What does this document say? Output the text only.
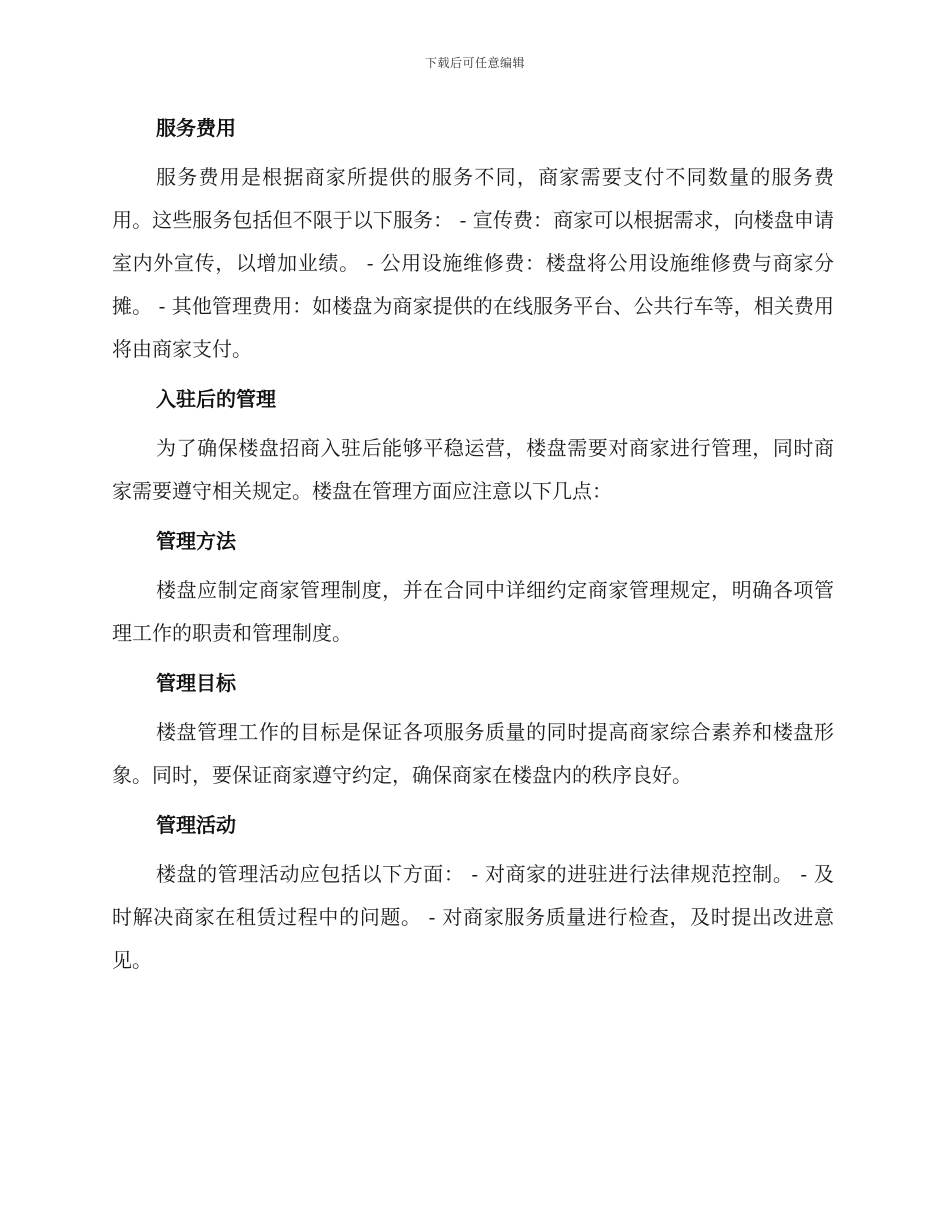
下载后可任意编辑
服务费用

服务费用是根据商家所提供的服务不同，商家需要支付不同数量的服务费用。这些服务包括但不限于以下服务： - 宣传费：商家可以根据需求，向楼盘申请室内外宣传，以增加业绩。 - 公用设施维修费：楼盘将公用设施维修费与商家分摊。 - 其他管理费用：如楼盘为商家提供的在线服务平台、公共行车等，相关费用将由商家支付。

入驻后的管理

为了确保楼盘招商入驻后能够平稳运营，楼盘需要对商家进行管理，同时商家需要遵守相关规定。楼盘在管理方面应注意以下几点：

管理方法

楼盘应制定商家管理制度，并在合同中详细约定商家管理规定，明确各项管理工作的职责和管理制度。

管理目标

楼盘管理工作的目标是保证各项服务质量的同时提高商家综合素养和楼盘形象。同时，要保证商家遵守约定，确保商家在楼盘内的秩序良好。

管理活动

楼盘的管理活动应包括以下方面： - 对商家的进驻进行法律规范控制。 - 及时解决商家在租赁过程中的问题。 - 对商家服务质量进行检查，及时提出改进意见。
